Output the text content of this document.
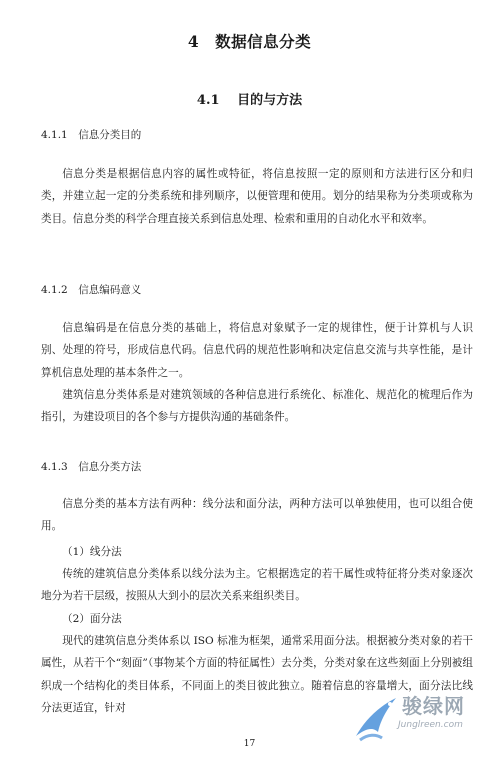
4　数据信息分类
4.1　 目的与方法
4.1.1　信息分类目的

信息分类是根据信息内容的属性或特征，将信息按照一定的原则和方法进行区分和归类，并建立起一定的分类系统和排列顺序，以便管理和使用。划分的结果称为分类项或称为类目。信息分类的科学合理直接关系到信息处理、检索和重用的自动化水平和效率。

4.1.2　信息编码意义

信息编码是在信息分类的基础上，将信息对象赋予一定的规律性，便于计算机与人识别、处理的符号，形成信息代码。信息代码的规范性影响和决定信息交流与共享性能，是计算机信息处理的基本条件之一。

建筑信息分类体系是对建筑领域的各种信息进行系统化、标准化、规范化的梳理后作为指引，为建设项目的各个参与方提供沟通的基础条件。

4.1.3　信息分类方法

信息分类的基本方法有两种：线分法和面分法，两种方法可以单独使用，也可以组合使用。

（1）线分法

传统的建筑信息分类体系以线分法为主。它根据选定的若干属性或特征将分类对象逐次地分为若干层级，按照从大到小的层次关系来组织类目。

（2）面分法

现代的建筑信息分类体系以 ISO 标准为框架，通常采用面分法。根据被分类对象的若干属性，从若干个“刻面”（事物某个方面的特征属性）去分类，分类对象在这些刻面上分别被组织成一个结构化的类目体系，不同面上的类目彼此独立。随着信息的容量增大，面分法比线分法更适宜，针对

17
骏绿网
Junglreen.com
